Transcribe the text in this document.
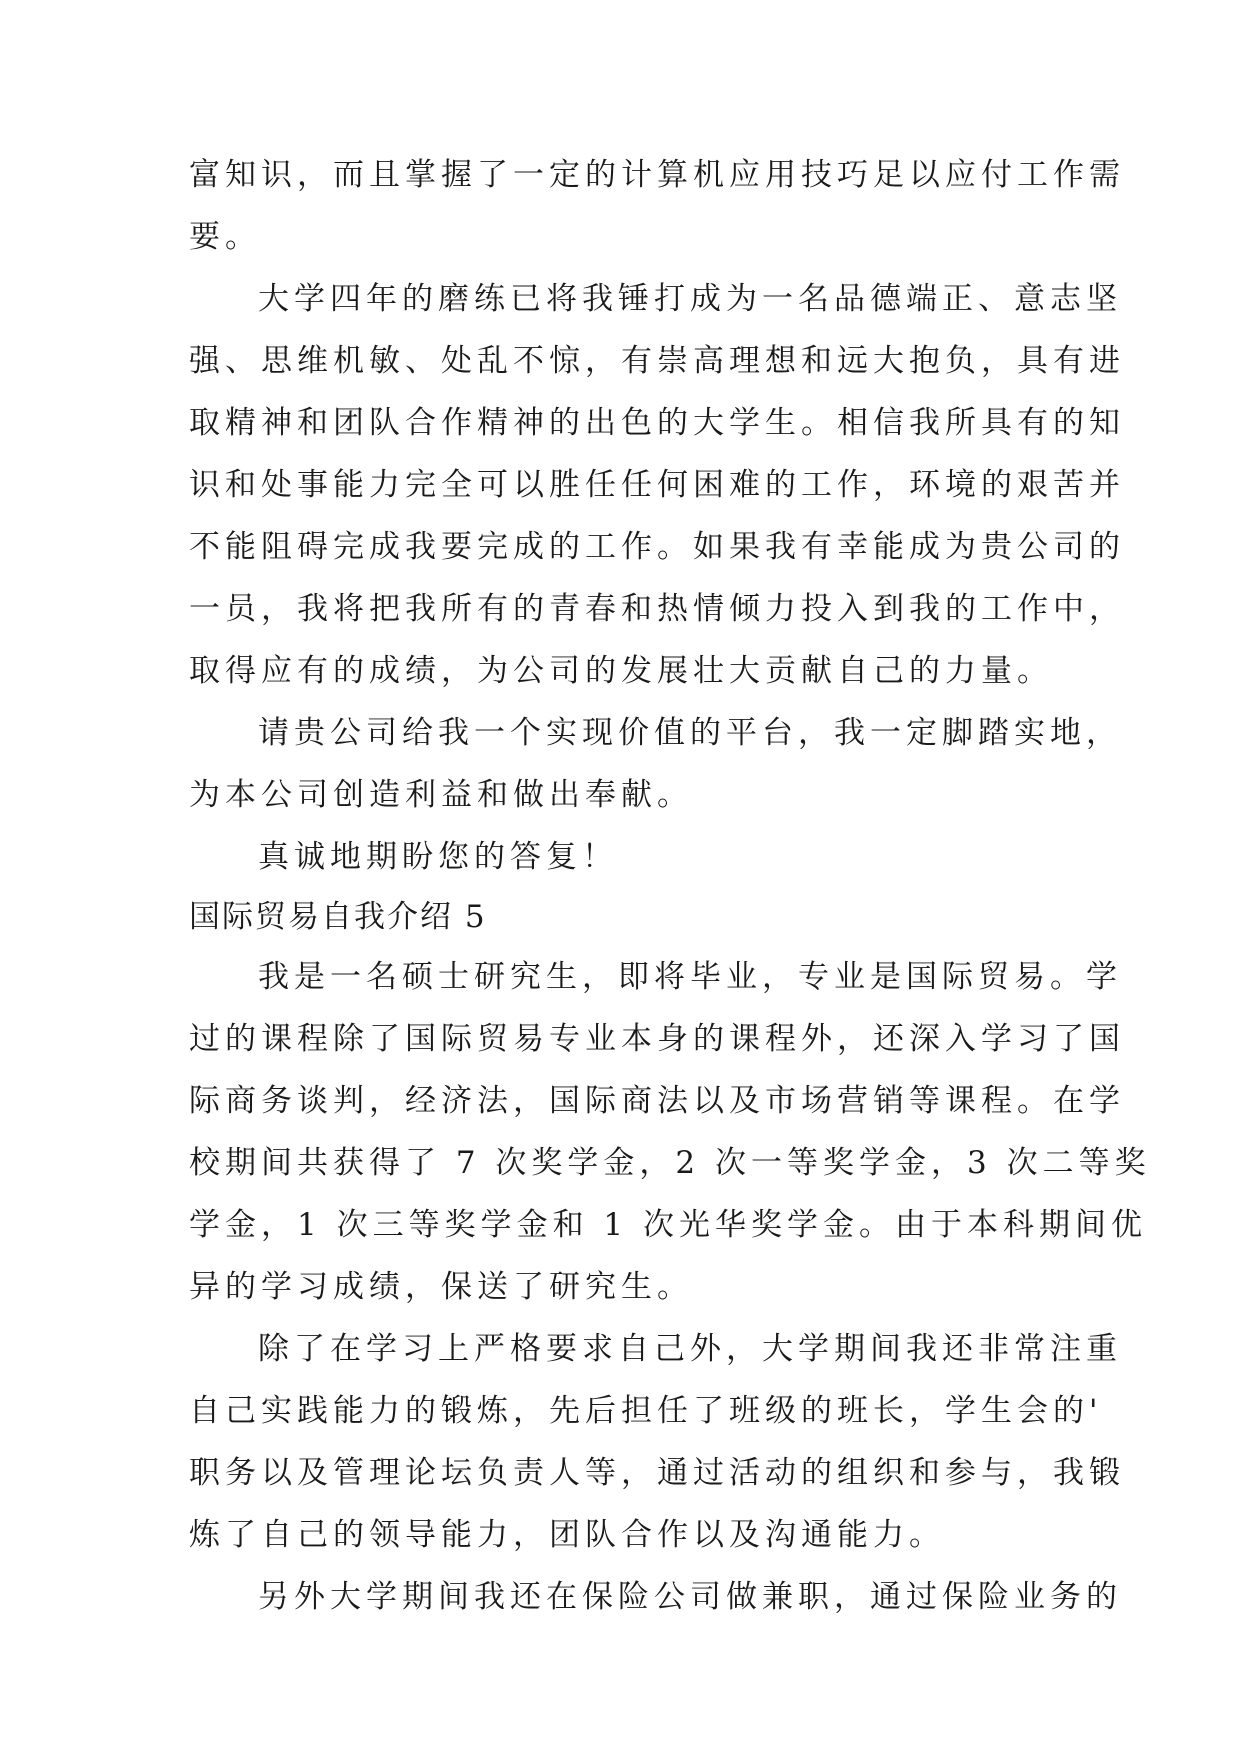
富知识，而且掌握了一定的计算机应用技巧足以应付工作需
要。
大学四年的磨练已将我锤打成为一名品德端正、意志坚
强、思维机敏、处乱不惊，有崇高理想和远大抱负，具有进
取精神和团队合作精神的出色的大学生。相信我所具有的知
识和处事能力完全可以胜任任何困难的工作，环境的艰苦并
不能阻碍完成我要完成的工作。如果我有幸能成为贵公司的
一员，我将把我所有的青春和热情倾力投入到我的工作中，
取得应有的成绩，为公司的发展壮大贡献自己的力量。
请贵公司给我一个实现价值的平台，我一定脚踏实地，
为本公司创造利益和做出奉献。
真诚地期盼您的答复！
国际贸易自我介绍 5
我是一名硕士研究生，即将毕业，专业是国际贸易。学
过的课程除了国际贸易专业本身的课程外，还深入学习了国
际商务谈判，经济法，国际商法以及市场营销等课程。在学
校期间共获得了 7 次奖学金，2 次一等奖学金，3 次二等奖
学金，1 次三等奖学金和 1 次光华奖学金。由于本科期间优
异的学习成绩，保送了研究生。
除了在学习上严格要求自己外，大学期间我还非常注重
自己实践能力的锻炼，先后担任了班级的班长，学生会的'
职务以及管理论坛负责人等，通过活动的组织和参与，我锻
炼了自己的领导能力，团队合作以及沟通能力。
另外大学期间我还在保险公司做兼职，通过保险业务的
